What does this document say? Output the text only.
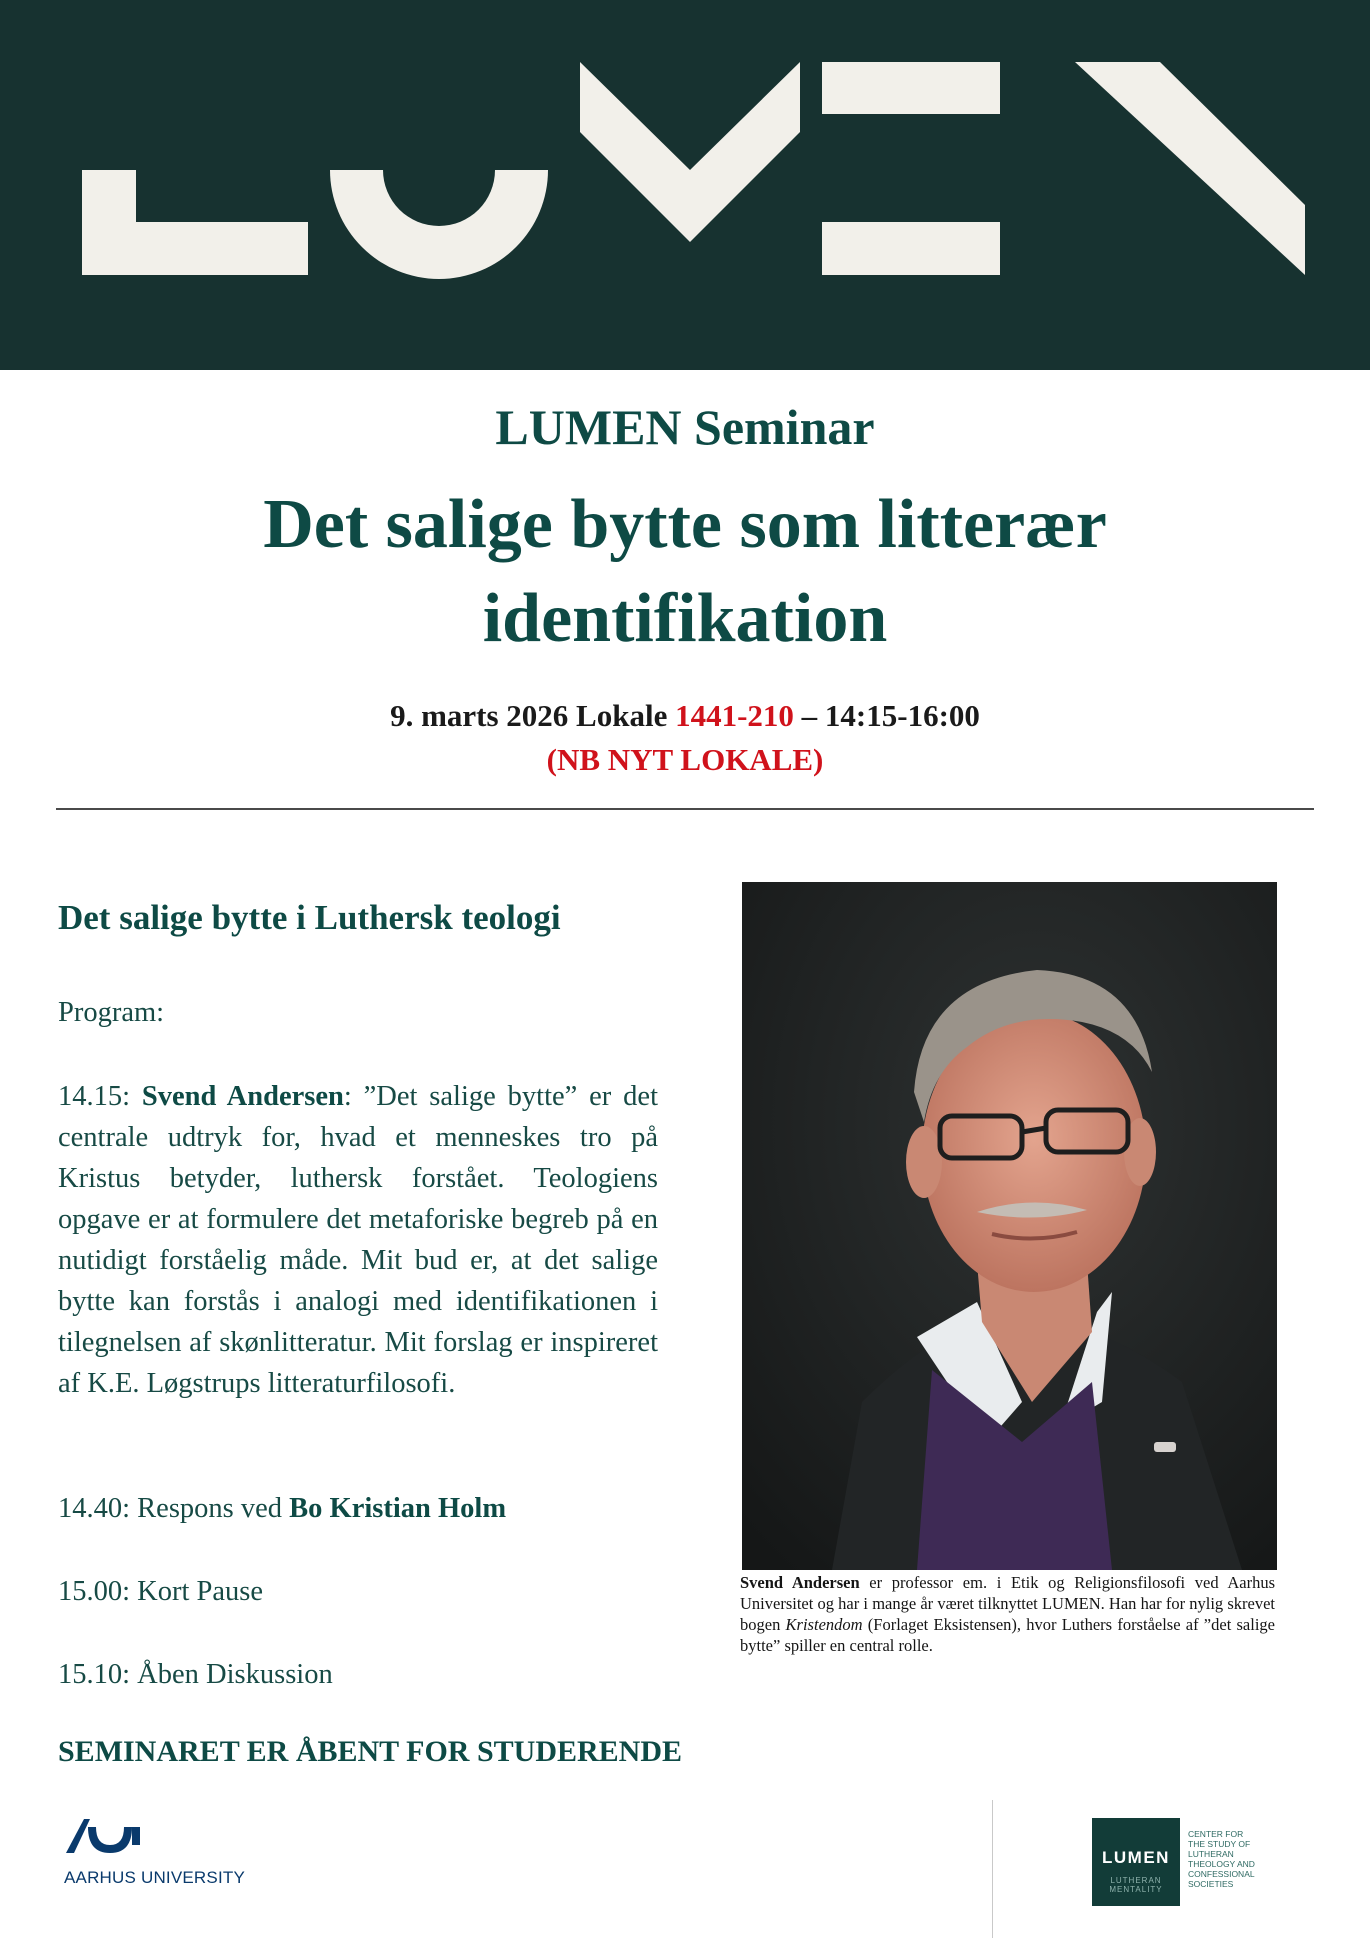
LUMEN Seminar
Det salige bytte som litterær identifikation
9. marts 2026 Lokale 1441-210 – 14:15-16:00
(NB NYT LOKALE)
Det salige bytte i Luthersk teologi
Program:
14.15: Svend Andersen: ”Det salige bytte” er det centrale udtryk for, hvad et menneskes tro på Kristus betyder, luthersk forstået. Teologiens opgave er at formulere det metaforiske begreb på en nutidigt forståelig måde. Mit bud er, at det salige bytte kan forstås i analogi med identifikationen i tilegnelsen af skønlitteratur. Mit forslag er inspireret af K.E. Løgstrups litteraturfilosofi.
14.40: Respons ved Bo Kristian Holm
15.00: Kort Pause
15.10: Åben Diskussion
SEMINARET ER ÅBENT FOR STUDERENDE
Svend Andersen er professor em. i Etik og Religionsfilosofi ved Aarhus Universitet og har i mange år været tilknyttet LUMEN. Han har for nylig skrevet bogen Kristendom (Forlaget Eksistensen), hvor Luthers forståelse af ”det salige bytte” spiller en central rolle.
AARHUS UNIVERSITY
LUMEN
LUTHERAN
MENTALITY
CENTER FOR
THE STUDY OF
LUTHERAN
THEOLOGY AND
CONFESSIONAL
SOCIETIES
